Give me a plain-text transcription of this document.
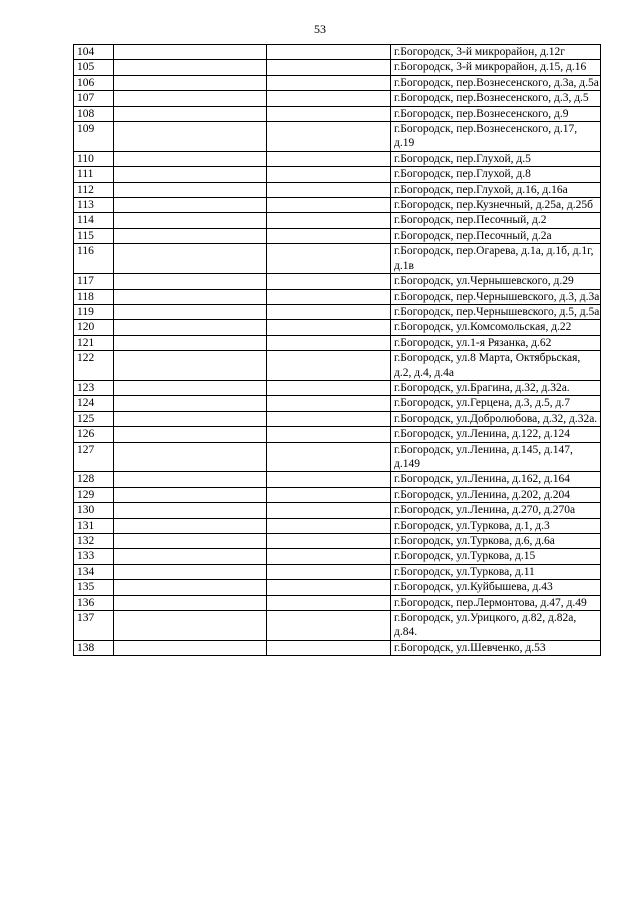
53
104			г.Богородск, 3-й микрорайон, д.12г
105			г.Богородск, 3-й микрорайон, д.15, д.16
106			г.Богородск, пер.Вознесенского, д.3а, д.5а
107			г.Богородск, пер.Вознесенского, д.3, д.5
108			г.Богородск, пер.Вознесенского, д.9
109			г.Богородск, пер.Вознесенского, д.17, д.19
110			г.Богородск, пер.Глухой, д.5
111			г.Богородск, пер.Глухой, д.8
112			г.Богородск, пер.Глухой, д.16, д.16а
113			г.Богородск, пер.Кузнечный, д.25а, д.25б
114			г.Богородск, пер.Песочный, д.2
115			г.Богородск, пер.Песочный, д.2а
116			г.Богородск, пер.Огарева, д.1а, д.1б, д.1г, д.1в
117			г.Богородск, ул.Чернышевского, д.29
118			г.Богородск, пер.Чернышевского, д.3, д.3а
119			г.Богородск, пер.Чернышевского, д.5, д.5а
120			г.Богородск, ул.Комсомольская, д.22
121			г.Богородск, ул.1-я Рязанка, д.62
122			г.Богородск, ул.8 Марта, Октябрьская, д.2, д.4, д.4а
123			г.Богородск, ул.Брагина, д.32, д.32а.
124			г.Богородск, ул.Герцена, д.3, д.5, д.7
125			г.Богородск, ул.Добролюбова, д.32, д.32а.
126			г.Богородск, ул.Ленина, д.122, д.124
127			г.Богородск, ул.Ленина, д.145, д.147, д.149
128			г.Богородск, ул.Ленина, д.162, д.164
129			г.Богородск, ул.Ленина, д.202, д.204
130			г.Богородск, ул.Ленина, д.270, д.270а
131			г.Богородск, ул.Туркова, д.1, д.3
132			г.Богородск, ул.Туркова, д.6, д.6а
133			г.Богородск, ул.Туркова, д.15
134			г.Богородск, ул.Туркова, д.11
135			г.Богородск, ул.Куйбышева, д.43
136			г.Богородск, пер.Лермонтова, д.47, д.49
137			г.Богородск, ул.Урицкого, д.82, д.82а, д.84.
138			г.Богородск, ул.Шевченко, д.53
